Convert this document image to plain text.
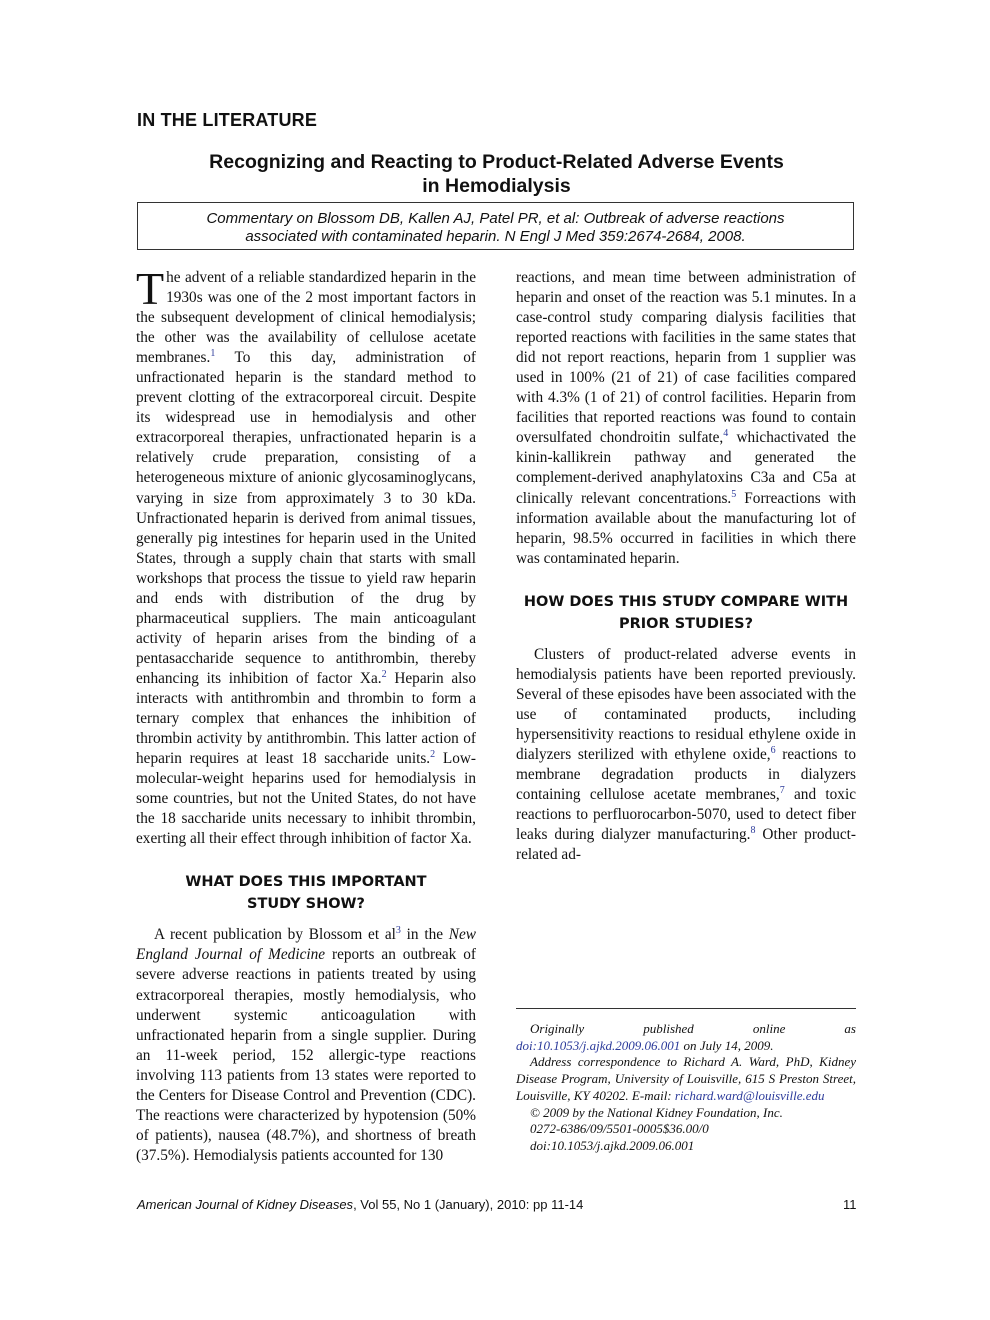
IN THE LITERATURE
Recognizing and Reacting to Product-Related Adverse Events
in Hemodialysis
Commentary on Blossom DB, Kallen AJ, Patel PR, et al: Outbreak of adverse reactions
associated with contaminated heparin. N Engl J Med 359:2674-2684, 2008.

The advent of a reliable standardized heparin in the 1930s was one of the 2 most important factors in the subsequent development of clinical hemodialysis; the other was the availability of cellulose acetate membranes.$^1$ To this day, administration of unfractionated heparin is the standard method to prevent clotting of the extracorporeal circuit. Despite its widespread use in hemodialysis and other extracorporeal therapies, unfractionated heparin is a relatively crude preparation, consisting of a heterogeneous mixture of anionic glycosaminoglycans, varying in size from approximately 3 to 30 kDa. Unfractionated heparin is derived from animal tissues, generally pig intestines for heparin used in the United States, through a supply chain that starts with small workshops that process the tissue to yield raw heparin and ends with distribution of the drug by pharmaceutical suppliers. The main anticoagulant activity of heparin arises from the binding of a pentasaccharide sequence to antithrombin, thereby enhancing its inhibition of factor Xa.$^2$ Heparin also interacts with antithrombin and thrombin to form a ternary complex that enhances the inhibition of thrombin activity by antithrombin. This latter action of heparin requires at least 18 saccharide units.$^2$ Low-molecular-weight heparins used for hemodialysis in some countries, but not the United States, do not have the 18 saccharide units necessary to inhibit thrombin, exerting all their effect through inhibition of factor Xa.

WHAT DOES THIS IMPORTANT
STUDY SHOW?

A recent publication by Blossom et $al^3$ in the New England Journal of Medicine reports an outbreak of severe adverse reactions in patients treated by using extracorporeal therapies, mostly hemodialysis, who underwent systemic anticoagulation with unfractionated heparin from a single supplier. During an 11-week period, 152 allergic-type reactions involving 113 patients from 13 states were reported to the Centers for Disease Control and Prevention (CDC). The reactions were characterized by hypotension (50% of patients), nausea (48.7%), and shortness of breath (37.5%). Hemodialysis patients accounted for 130

reactions, and mean time between administration of heparin and onset of the reaction was 5.1 minutes. In a case-control study comparing dialysis facilities that reported reactions with facilities in the same states that did not report reactions, heparin from 1 supplier was used in 100% (21 of 21) of case facilities compared with 4.3% (1 of 21) of control facilities. Heparin from facilities that reported reactions was found to contain oversulfated chondroitin sulfate,$^4$ whichactivated the kinin-kallikrein pathway and generated the complement-derived anaphylatoxins C3a and C5a at clinically relevant concentrations.$^5$ Forreactions with information available about the manufacturing lot of heparin, 98.5% occurred in facilities in which there was contaminated heparin.

HOW DOES THIS STUDY COMPARE WITH
PRIOR STUDIES?

Clusters of product-related adverse events in hemodialysis patients have been reported previously. Several of these episodes have been associated with the use of contaminated products, including hypersensitivity reactions to residual ethylene oxide in dialyzers sterilized with ethylene oxide,$^6$ reactions to membrane degradation products in dialyzers containing cellulose acetate membranes,$^7$ and toxic reactions to perfluorocarbon-5070, used to detect fiber leaks during dialyzer manufacturing.$^8$ Other product-related ad-

Originally published online as doi:10.1053/j.ajkd.2009.06.001 on July 14, 2009.

Address correspondence to Richard A. Ward, PhD, Kidney Disease Program, University of Louisville, 615 S Preston Street, Louisville, KY 40202. E-mail: richard.ward@louisville.edu

© 2009 by the National Kidney Foundation, Inc.

0272-6386/09/5501-0005$36.00/0

doi:10.1053/j.ajkd.2009.06.001

American Journal of Kidney Diseases, Vol 55, No 1 (January), 2010: pp 11-14	11
